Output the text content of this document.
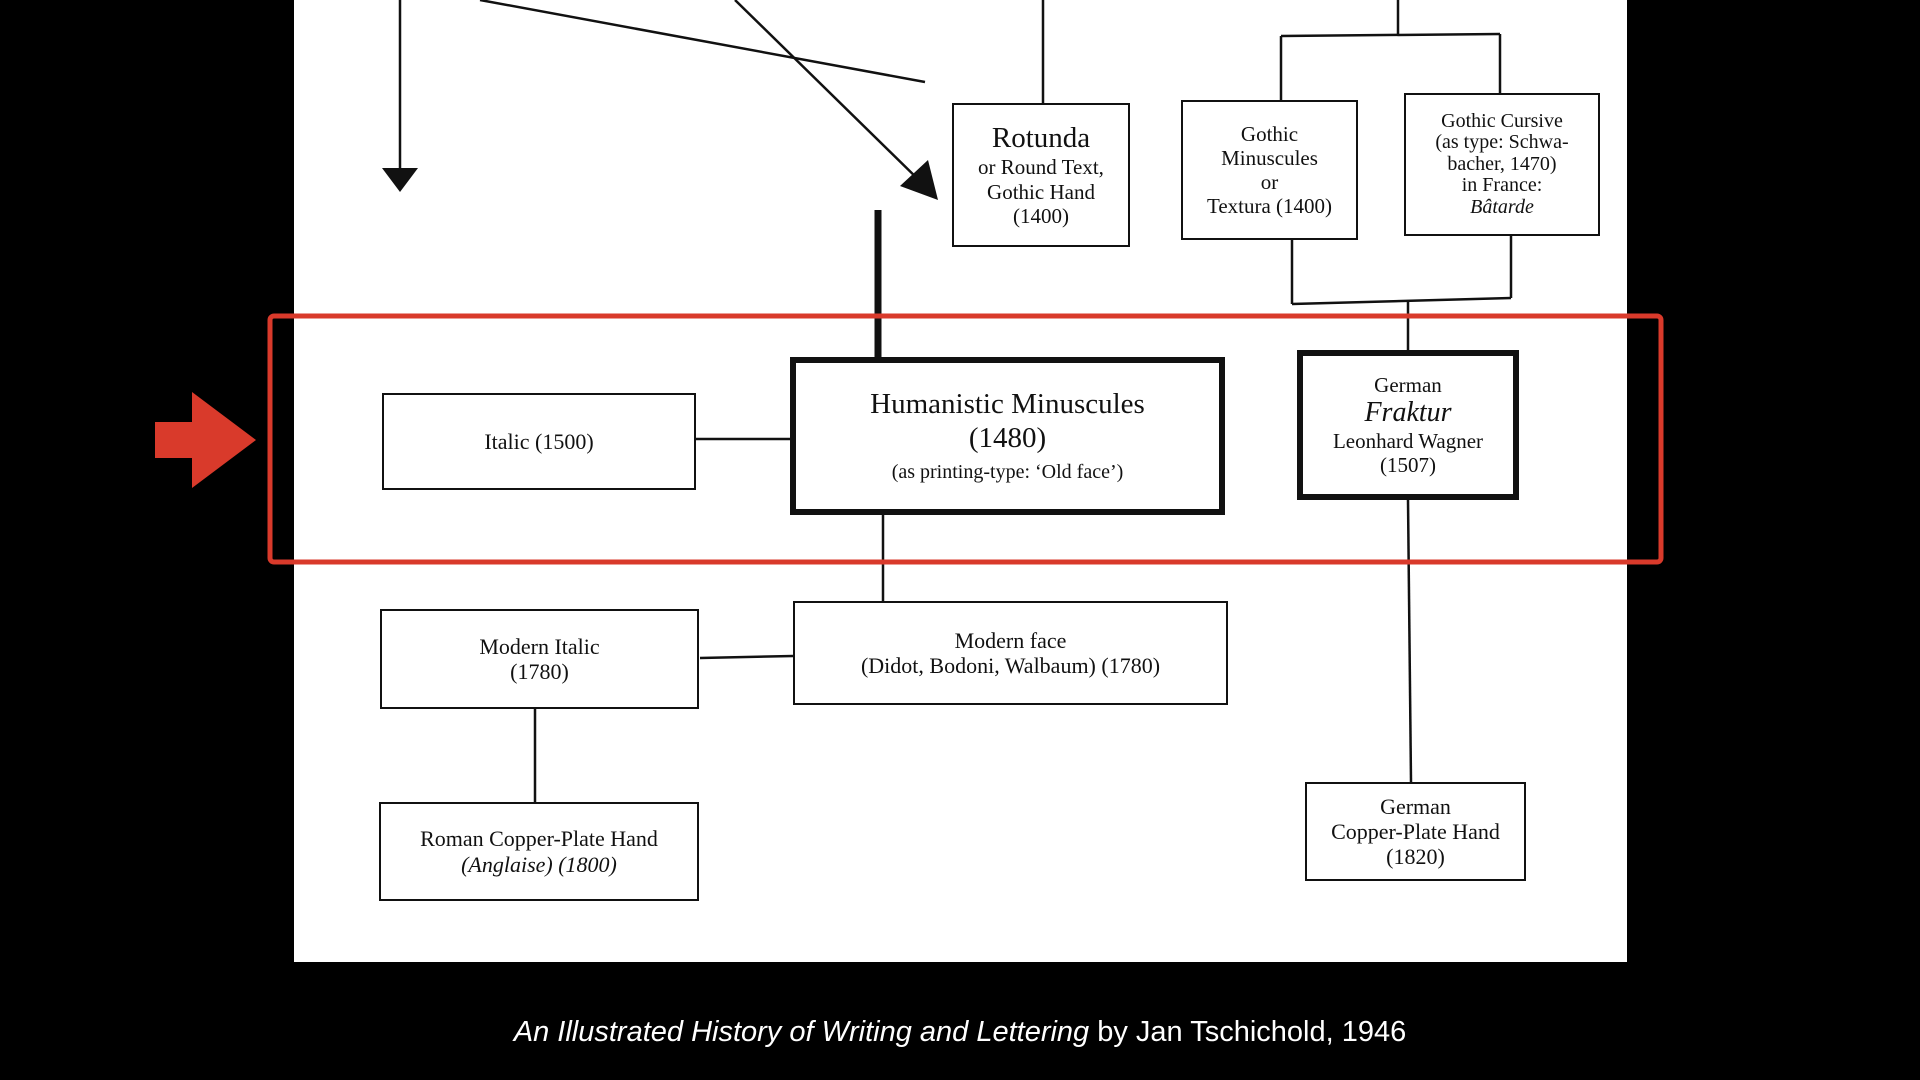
Rotunda
or Round Text,
Gothic Hand
(1400)
Gothic
Minuscules
or
Textura (1400)
Gothic Cursive
(as type: Schwa-
bacher, 1470)
in France:
Bâtarde
Italic (1500)
Humanistic Minuscules
(1480)
(as printing-type: ‘Old face’)
German
Fraktur
Leonhard Wagner
(1507)
Modern Italic
(1780)
Modern face
(Didot, Bodoni, Walbaum) (1780)
Roman Copper-Plate Hand
(Anglaise) (1800)
German
Copper-Plate Hand
(1820)
An Illustrated History of Writing and Lettering by Jan Tschichold, 1946
